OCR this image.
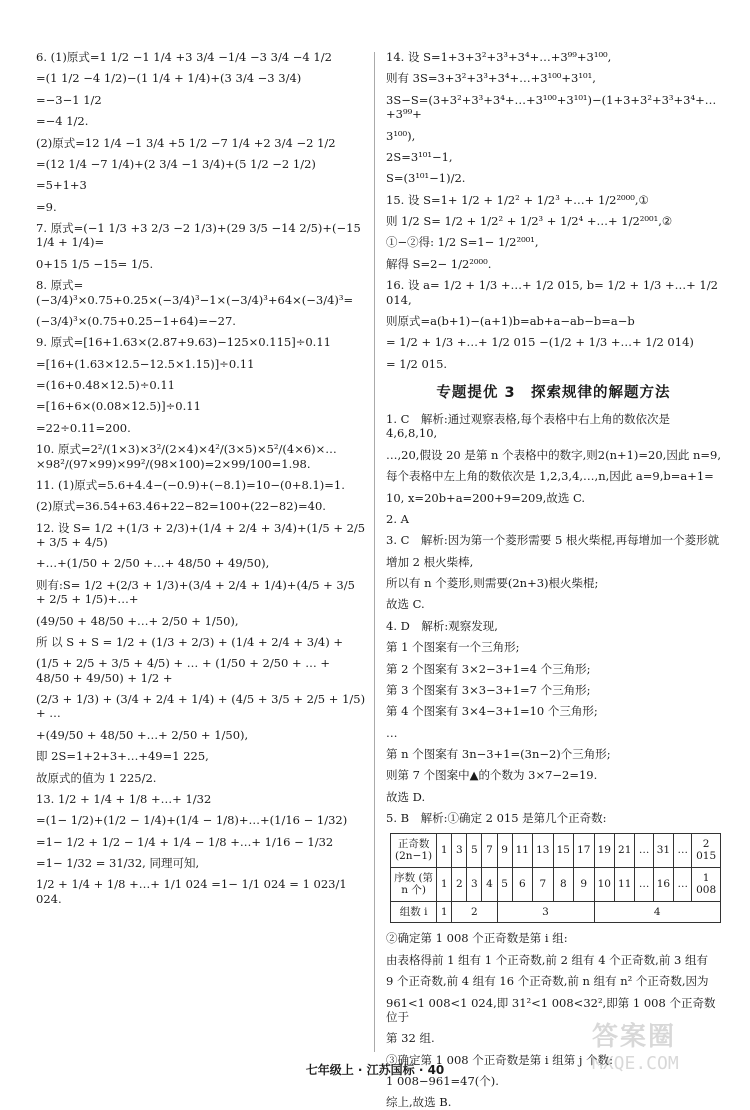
6. (1)原式=1 1/2 −1 1/4 +3 3/4 −1/4 −3 3/4 −4 1/2
=(1 1/2 −4 1/2)−(1 1/4 + 1/4)+(3 3/4 −3 3/4)
=−3−1 1/2
=−4 1/2.
(2)原式=12 1/4 −1 3/4 +5 1/2 −7 1/4 +2 3/4 −2 1/2
=(12 1/4 −7 1/4)+(2 3/4 −1 3/4)+(5 1/2 −2 1/2)
=5+1+3
=9.
7. 原式=(−1 1/3 +3 2/3 −2 1/3)+(29 3/5 −14 2/5)+(−15 1/4 + 1/4)=
0+15 1/5 −15= 1/5.
8. 原式=(−3/4)³×0.75+0.25×(−3/4)³−1×(−3/4)³+64×(−3/4)³=
(−3/4)³×(0.75+0.25−1+64)=−27.
9. 原式=[16+1.63×(2.87+9.63)−125×0.115]÷0.11
=[16+(1.63×12.5−12.5×1.15)]÷0.11
=(16+0.48×12.5)÷0.11
=[16+6×(0.08×12.5)]÷0.11
=22÷0.11=200.
10. 原式=2²/(1×3)×3²/(2×4)×4²/(3×5)×5²/(4×6)×…×98²/(97×99)×99²/(98×100)=2×99/100=1.98.
11. (1)原式=5.6+4.4−(−0.9)+(−8.1)=10−(0+8.1)=1.
(2)原式=36.54+63.46+22−82=100+(22−82)=40.
12. 设 S= 1/2 +(1/3 + 2/3)+(1/4 + 2/4 + 3/4)+(1/5 + 2/5 + 3/5 + 4/5)
+…+(1/50 + 2/50 +…+ 48/50 + 49/50),
则有:S= 1/2 +(2/3 + 1/3)+(3/4 + 2/4 + 1/4)+(4/5 + 3/5 + 2/5 + 1/5)+…+
(49/50 + 48/50 +…+ 2/50 + 1/50),
所 以 S + S = 1/2 + (1/3 + 2/3) + (1/4 + 2/4 + 3/4) +
(1/5 + 2/5 + 3/5 + 4/5) + … + (1/50 + 2/50 + … + 48/50 + 49/50) + 1/2 +
(2/3 + 1/3) + (3/4 + 2/4 + 1/4) + (4/5 + 3/5 + 2/5 + 1/5) + …
+(49/50 + 48/50 +…+ 2/50 + 1/50),
即 2S=1+2+3+…+49=1 225,
故原式的值为 1 225/2.
13. 1/2 + 1/4 + 1/8 +…+ 1/32
=(1− 1/2)+(1/2 − 1/4)+(1/4 − 1/8)+…+(1/16 − 1/32)
=1− 1/2 + 1/2 − 1/4 + 1/4 − 1/8 +…+ 1/16 − 1/32
=1− 1/32 = 31/32, 同理可知,
1/2 + 1/4 + 1/8 +…+ 1/1 024 =1− 1/1 024 = 1 023/1 024.
14. 设 S=1+3+3²+3³+3⁴+…+3⁹⁹+3¹⁰⁰,
则有 3S=3+3²+3³+3⁴+…+3¹⁰⁰+3¹⁰¹,
3S−S=(3+3²+3³+3⁴+…+3¹⁰⁰+3¹⁰¹)−(1+3+3²+3³+3⁴+…+3⁹⁹+
3¹⁰⁰),
2S=3¹⁰¹−1,
S=(3¹⁰¹−1)/2.
15. 设 S=1+ 1/2 + 1/2² + 1/2³ +…+ 1/2²⁰⁰⁰,①
则 1/2 S= 1/2 + 1/2² + 1/2³ + 1/2⁴ +…+ 1/2²⁰⁰¹,②
①−②得: 1/2 S=1− 1/2²⁰⁰¹,
解得 S=2− 1/2²⁰⁰⁰.
16. 设 a= 1/2 + 1/3 +…+ 1/2 015, b= 1/2 + 1/3 +…+ 1/2 014,
则原式=a(b+1)−(a+1)b=ab+a−ab−b=a−b
= 1/2 + 1/3 +…+ 1/2 015 −(1/2 + 1/3 +…+ 1/2 014)
= 1/2 015.
专题提优 3　探索规律的解题方法
1. C　解析:通过观察表格,每个表格中右上角的数依次是 4,6,8,10,
…,20,假设 20 是第 n 个表格中的数字,则2(n+1)=20,因此 n=9,
每个表格中左上角的数依次是 1,2,3,4,…,n,因此 a=9,b=a+1=
10, x=20b+a=200+9=209,故选 C.
2. A
3. C　解析:因为第一个菱形需要 5 根火柴棍,再每增加一个菱形就
增加 2 根火柴棒,
所以有 n 个菱形,则需要(2n+3)根火柴棍;
故选 C.
4. D　解析:观察发现,
第 1 个图案有一个三角形;
第 2 个图案有 3×2−3+1=4 个三角形;
第 3 个图案有 3×3−3+1=7 个三角形;
第 4 个图案有 3×4−3+1=10 个三角形;
…
第 n 个图案有 3n−3+1=(3n−2)个三角形;
则第 7 个图案中▲的个数为 3×7−2=19.
故选 D.
5. B　解析:①确定 2 015 是第几个正奇数:
正奇数 (2n−1)	1	3	5	7	9	11	13	15	17	19	21	…	31	…	2 015
序数 (第 n 个)	1	2	3	4	5	6	7	8	9	10	11	…	16	…	1 008
组数 i	1	2			3					4					
②确定第 1 008 个正奇数是第 i 组:
由表格得前 1 组有 1 个正奇数,前 2 组有 4 个正奇数,前 3 组有
9 个正奇数,前 4 组有 16 个正奇数,前 n 组有 n² 个正奇数,因为
961<1 008<1 024,即 31²<1 008<32²,即第 1 008 个正奇数位于
第 32 组.
③确定第 1 008 个正奇数是第 i 组第 j 个数:
1 008−961=47(个).
综上,故选 B.
七年级上 · 江苏国标 · 40
答案圈
MXQE.COM
